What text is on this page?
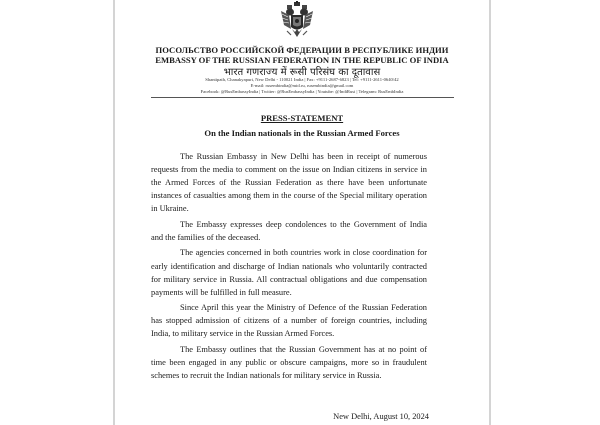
ПОСОЛЬСТВО РОССИЙСКОЙ ФЕДЕРАЦИИ В РЕСПУБЛИКЕ ИНДИИ
EMBASSY OF THE RUSSIAN FEDERATION IN THE REPUBLIC OF INDIA
भारत गणराज्य में रूसी परिसंघ का दूतावास
Shantipath, Chanakyapuri, New Delhi - 110021 India | Fax: +9111-2687-6823 | Tel: +9111-2611-0640/42
E-mail: rusembindia@mid.ru, rusembindia@gmail.com
Facebook: @RusEmbassyIndia | Twitter: @RusEmbassyIndia | Youtube: @IndiRusi | Telegram: RusEmbIndia
PRESS-STATEMENT
On the Indian nationals in the Russian Armed Forces

The Russian Embassy in New Delhi has been in receipt of numerous requests from the media to comment on the issue on Indian citizens in service in the Armed Forces of the Russian Federation as there have been unfortunate instances of casualties among them in the course of the Special military operation in Ukraine.

The Embassy expresses deep condolences to the Government of India and the families of the deceased.

The agencies concerned in both countries work in close coordination for early identification and discharge of Indian nationals who voluntarily contracted for military service in Russia. All contractual obligations and due compensation payments will be fulfilled in full measure.

Since April this year the Ministry of Defence of the Russian Federation has stopped admission of citizens of a number of foreign countries, including India, to military service in the Russian Armed Forces.

The Embassy outlines that the Russian Government has at no point of time been engaged in any public or obscure campaigns, more so in fraudulent schemes to recruit the Indian nationals for military service in Russia.

New Delhi, August 10, 2024
